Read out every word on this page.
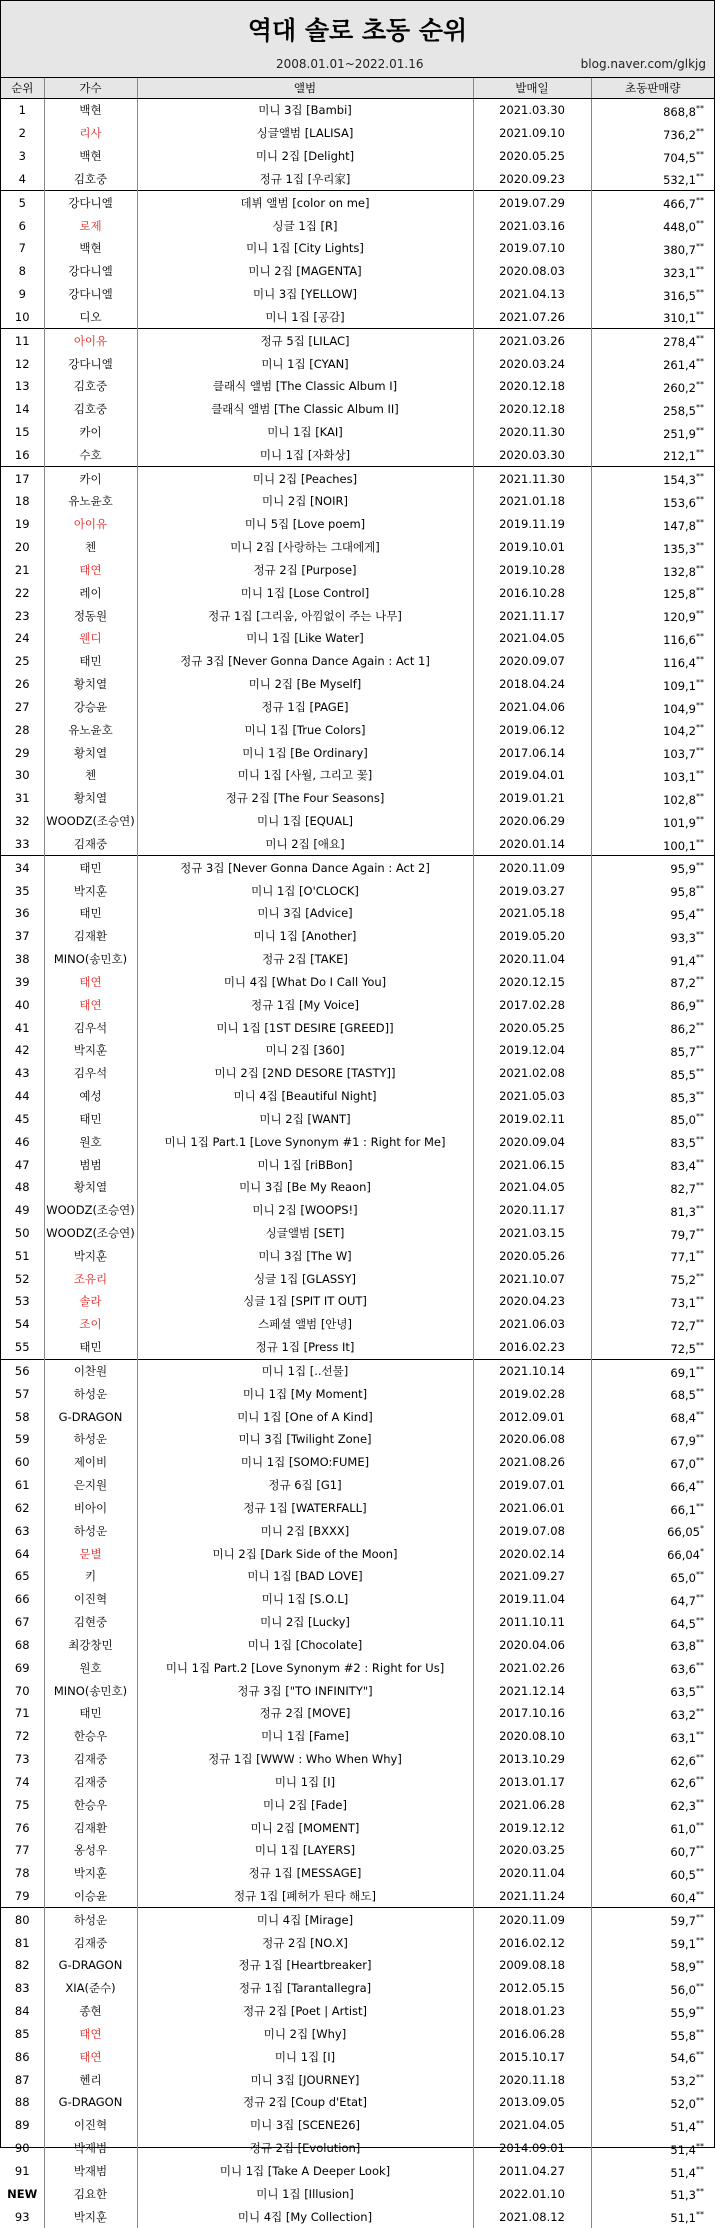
역대 솔로 초동 순위
2008.01.01~2022.01.16	blog.naver.com/glkjg
순위	가수	앨범	발매일	초동판매량
1	백현	미니 3집 [Bambi]	2021.03.30	868,8**
2	리사	싱글앨범 [LALISA]	2021.09.10	736,2**
3	백현	미니 2집 [Delight]	2020.05.25	704,5**
4	김호중	정규 1집 [우리家]	2020.09.23	532,1**
5	강다니엘	데뷔 앨범 [color on me]	2019.07.29	466,7**
6	로제	싱글 1집 [R]	2021.03.16	448,0**
7	백현	미니 1집 [City Lights]	2019.07.10	380,7**
8	강다니엘	미니 2집 [MAGENTA]	2020.08.03	323,1**
9	강다니엘	미니 3집 [YELLOW]	2021.04.13	316,5**
10	디오	미니 1집 [공감]	2021.07.26	310,1**
11	아이유	정규 5집 [LILAC]	2021.03.26	278,4**
12	강다니엘	미니 1집 [CYAN]	2020.03.24	261,4**
13	김호중	클래식 앨범 [The Classic Album I]	2020.12.18	260,2**
14	김호중	클래식 앨범 [The Classic Album II]	2020.12.18	258,5**
15	카이	미니 1집 [KAI]	2020.11.30	251,9**
16	수호	미니 1집 [자화상]	2020.03.30	212,1**
17	카이	미니 2집 [Peaches]	2021.11.30	154,3**
18	유노윤호	미니 2집 [NOIR]	2021.01.18	153,6**
19	아이유	미니 5집 [Love poem]	2019.11.19	147,8**
20	첸	미니 2집 [사랑하는 그대에게]	2019.10.01	135,3**
21	태연	정규 2집 [Purpose]	2019.10.28	132,8**
22	레이	미니 1집 [Lose Control]	2016.10.28	125,8**
23	정동원	정규 1집 [그리움, 아낌없이 주는 나무]	2021.11.17	120,9**
24	웬디	미니 1집 [Like Water]	2021.04.05	116,6**
25	태민	정규 3집 [Never Gonna Dance Again : Act 1]	2020.09.07	116,4**
26	황치열	미니 2집 [Be Myself]	2018.04.24	109,1**
27	강승윤	정규 1집 [PAGE]	2021.04.06	104,9**
28	유노윤호	미니 1집 [True Colors]	2019.06.12	104,2**
29	황치열	미니 1집 [Be Ordinary]	2017.06.14	103,7**
30	첸	미니 1집 [사월, 그리고 꽃]	2019.04.01	103,1**
31	황치열	정규 2집 [The Four Seasons]	2019.01.21	102,8**
32	WOODZ(조승연)	미니 1집 [EQUAL]	2020.06.29	101,9**
33	김재중	미니 2집 [애요]	2020.01.14	100,1**
34	태민	정규 3집 [Never Gonna Dance Again : Act 2]	2020.11.09	95,9**
35	박지훈	미니 1집 [O'CLOCK]	2019.03.27	95,8**
36	태민	미니 3집 [Advice]	2021.05.18	95,4**
37	김재환	미니 1집 [Another]	2019.05.20	93,3**
38	MINO(송민호)	정규 2집 [TAKE]	2020.11.04	91,4**
39	태연	미니 4집 [What Do I Call You]	2020.12.15	87,2**
40	태연	정규 1집 [My Voice]	2017.02.28	86,9**
41	김우석	미니 1집 [1ST DESIRE [GREED]]	2020.05.25	86,2**
42	박지훈	미니 2집 [360]	2019.12.04	85,7**
43	김우석	미니 2집 [2ND DESORE [TASTY]]	2021.02.08	85,5**
44	예성	미니 4집 [Beautiful Night]	2021.05.03	85,3**
45	태민	미니 2집 [WANT]	2019.02.11	85,0**
46	원호	미니 1집 Part.1 [Love Synonym #1 : Right for Me]	2020.09.04	83,5**
47	범범	미니 1집 [riBBon]	2021.06.15	83,4**
48	황치열	미니 3집 [Be My Reaon]	2021.04.05	82,7**
49	WOODZ(조승연)	미니 2집 [WOOPS!]	2020.11.17	81,3**
50	WOODZ(조승연)	싱글앨범 [SET]	2021.03.15	79,7**
51	박지훈	미니 3집 [The W]	2020.05.26	77,1**
52	조유리	싱글 1집 [GLASSY]	2021.10.07	75,2**
53	솔라	싱글 1집 [SPIT IT OUT]	2020.04.23	73,1**
54	조이	스페셜 앨범 [안녕]	2021.06.03	72,7**
55	태민	정규 1집 [Press It]	2016.02.23	72,5**
56	이찬원	미니 1집 [..선물]	2021.10.14	69,1**
57	하성운	미니 1집 [My Moment]	2019.02.28	68,5**
58	G-DRAGON	미니 1집 [One of A Kind]	2012.09.01	68,4**
59	하성운	미니 3집 [Twilight Zone]	2020.06.08	67,9**
60	제이비	미니 1집 [SOMO:FUME]	2021.08.26	67,0**
61	은지원	정규 6집 [G1]	2019.07.01	66,4**
62	비아이	정규 1집 [WATERFALL]	2021.06.01	66,1**
63	하성운	미니 2집 [BXXX]	2019.07.08	66,05*
64	문별	미니 2집 [Dark Side of the Moon]	2020.02.14	66,04*
65	키	미니 1집 [BAD LOVE]	2021.09.27	65,0**
66	이진혁	미니 1집 [S.O.L]	2019.11.04	64,7**
67	김현중	미니 2집 [Lucky]	2011.10.11	64,5**
68	최강창민	미니 1집 [Chocolate]	2020.04.06	63,8**
69	원호	미니 1집 Part.2 [Love Synonym #2 : Right for Us]	2021.02.26	63,6**
70	MINO(송민호)	정규 3집 ["TO INFINITY"]	2021.12.14	63,5**
71	태민	정규 2집 [MOVE]	2017.10.16	63,2**
72	한승우	미니 1집 [Fame]	2020.08.10	63,1**
73	김재중	정규 1집 [WWW : Who When Why]	2013.10.29	62,6**
74	김재중	미니 1집 [I]	2013.01.17	62,6**
75	한승우	미니 2집 [Fade]	2021.06.28	62,3**
76	김재환	미니 2집 [MOMENT]	2019.12.12	61,0**
77	옹성우	미니 1집 [LAYERS]	2020.03.25	60,7**
78	박지훈	정규 1집 [MESSAGE]	2020.11.04	60,5**
79	이승윤	정규 1집 [폐허가 된다 해도]	2021.11.24	60,4**
80	하성운	미니 4집 [Mirage]	2020.11.09	59,7**
81	김재중	정규 2집 [NO.X]	2016.02.12	59,1**
82	G-DRAGON	정규 1집 [Heartbreaker]	2009.08.18	58,9**
83	XIA(준수)	정규 1집 [Tarantallegra]	2012.05.15	56,0**
84	종현	정규 2집 [Poet | Artist]	2018.01.23	55,9**
85	태연	미니 2집 [Why]	2016.06.28	55,8**
86	태연	미니 1집 [I]	2015.10.17	54,6**
87	헨리	미니 3집 [JOURNEY]	2020.11.18	53,2**
88	G-DRAGON	정규 2집 [Coup d'Etat]	2013.09.05	52,0**
89	이진혁	미니 3집 [SCENE26]	2021.04.05	51,4**
90	박재범	정규 2집 [Evolution]	2014.09.01	51,4**
91	박재범	미니 1집 [Take A Deeper Look]	2011.04.27	51,4**
NEW	김요한	미니 1집 [Illusion]	2022.01.10	51,3**
93	박지훈	미니 4집 [My Collection]	2021.08.12	51,1**
